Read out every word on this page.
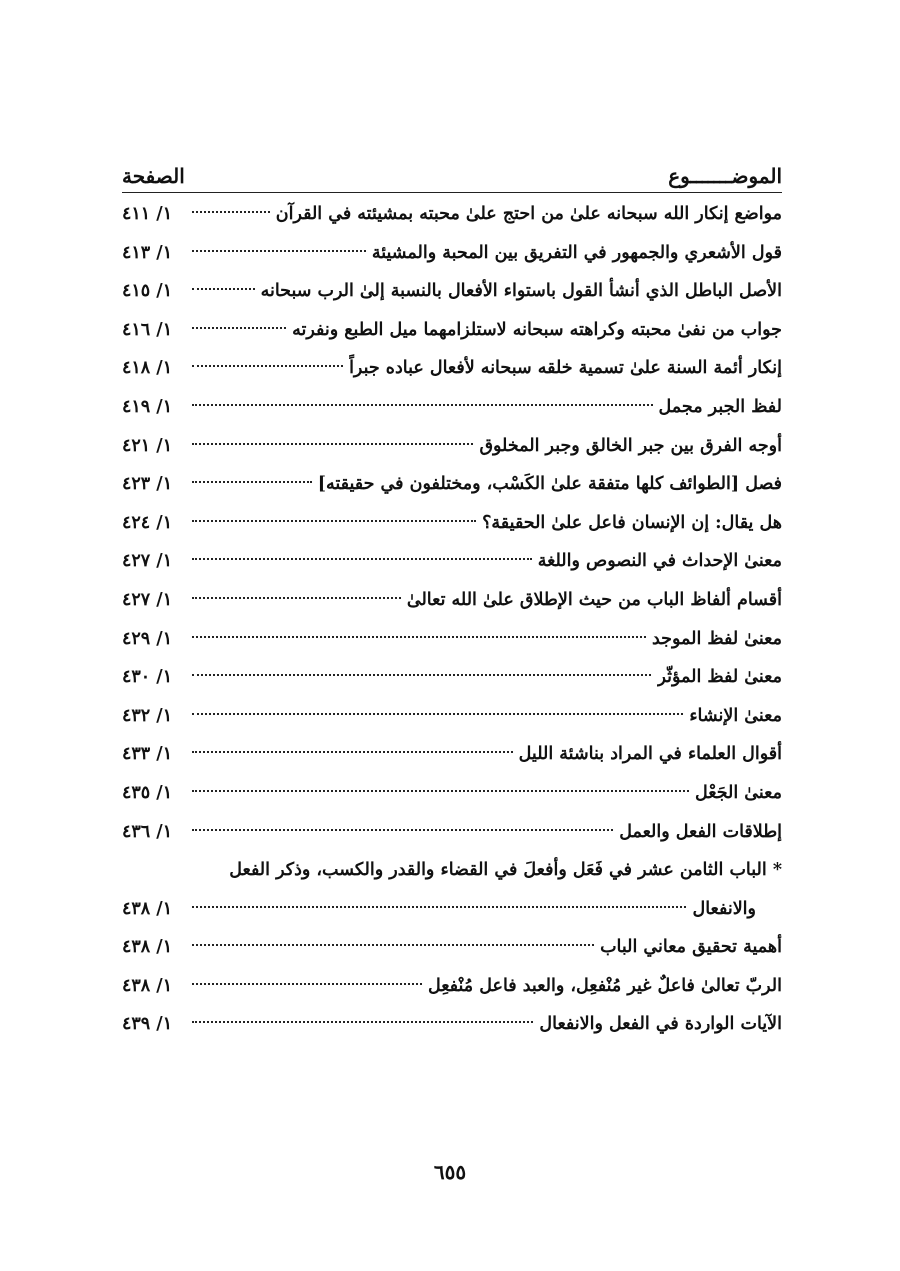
الموضـــــــوع
الصفحة
مواضع إنكار الله سبحانه علىٰ من احتج علىٰ محبته بمشيئته في القرآن
١/ ٤١١
قول الأشعري والجمهور في التفريق بين المحبة والمشيئة
١/ ٤١٣
الأصل الباطل الذي أنشأ القول باستواء الأفعال بالنسبة إلىٰ الرب سبحانه
١/ ٤١٥
جواب من نفىٰ محبته وكراهته سبحانه لاستلزامهما ميل الطبع ونفرته
١/ ٤١٦
إنكار أئمة السنة علىٰ تسمية خلقه سبحانه لأفعال عباده جبراً
١/ ٤١٨
لفظ الجبر مجمل
١/ ٤١٩
أوجه الفرق بين جبر الخالق وجبر المخلوق
١/ ٤٢١
فصل [الطوائف كلها متفقة علىٰ الكَسْب، ومختلفون في حقيقته]
١/ ٤٢٣
هل يقال: إن الإنسان فاعل علىٰ الحقيقة؟
١/ ٤٢٤
معنىٰ الإحداث في النصوص واللغة
١/ ٤٢٧
أقسام ألفاظ الباب من حيث الإطلاق علىٰ الله تعالىٰ
١/ ٤٢٧
معنىٰ لفظ الموجد
١/ ٤٢٩
معنىٰ لفظ المؤثّر
١/ ٤٣٠
معنىٰ الإنشاء
١/ ٤٣٢
أقوال العلماء في المراد بناشئة الليل
١/ ٤٣٣
معنىٰ الجَعْل
١/ ٤٣٥
إطلاقات الفعل والعمل
١/ ٤٣٦
* الباب الثامن عشر في فَعَل وأفعلَ في القضاء والقدر والكسب، وذكر الفعل
والانفعال
١/ ٤٣٨
أهمية تحقيق معاني الباب
١/ ٤٣٨
الربّ تعالىٰ فاعلٌ غير مُنْفعِل، والعبد فاعل مُنْفعِل
١/ ٤٣٨
الآيات الواردة في الفعل والانفعال
١/ ٤٣٩
٦٥٥
